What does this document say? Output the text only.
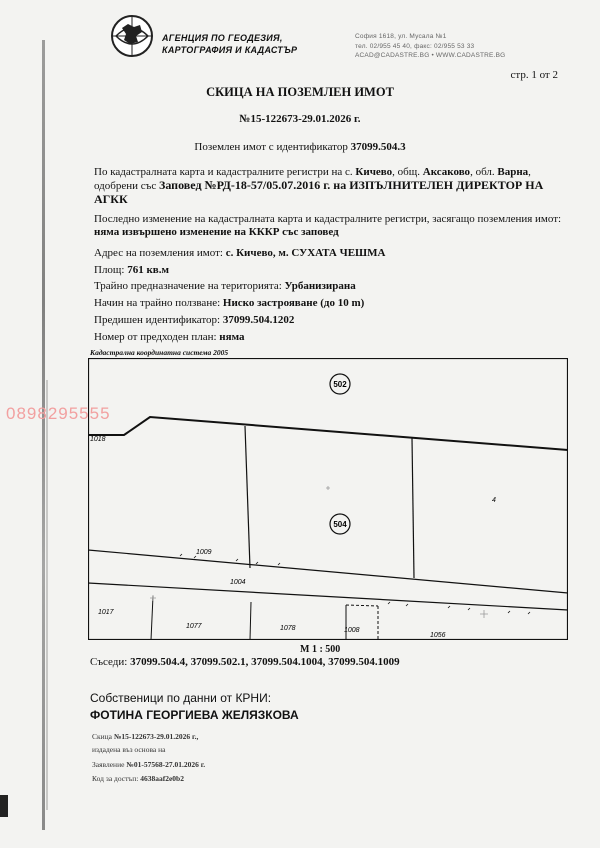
АГЕНЦИЯ ПО ГЕОДЕЗИЯ,
КАРТОГРАФИЯ И КАДАСТЪР
София 1618, ул. Мусала №1
тел. 02/955 45 40, факс: 02/955 53 33
ACAD@CADASTRE.BG • WWW.CADASTRE.BG
стр. 1 от 2
СКИЦА НА ПОЗЕМЛЕН ИМОТ
№15-122673-29.01.2026 г.
Поземлен имот с идентификатор 37099.504.3
По кадастралната карта и кадастралните регистри на с. Кичево, общ. Аксаково, обл. Варна, одобрени със Заповед №РД-18-57/05.07.2016 г. на ИЗПЪЛНИТЕЛЕН ДИРЕКТОР НА АГКК
Последно изменение на кадастралната карта и кадастралните регистри, засягащо поземления имот: няма извършено изменение на КККР със заповед
Адрес на поземления имот: с. Кичево, м. СУХАТА ЧЕШМА
Площ: 761 кв.м
Трайно предназначение на територията: Урбанизирана
Начин на трайно ползване: Ниско застрояване (до 10 m)
Предишен идентификатор: 37099.504.1202
Номер от предходен план: няма
Кадастрална координатна система 2005
502
504
4
1018
1009
1004
1017
1077	1078	1008
1056
0898295555
М 1 : 500
Съседи: 37099.504.4, 37099.502.1, 37099.504.1004, 37099.504.1009
Собственици по данни от КРНИ:
ФОТИНА ГЕОРГИЕВА ЖЕЛЯЗКОВА
Скица №15-122673-29.01.2026 г.,
издадена въз основа на
Заявление №01-57568-27.01.2026 г.
Код за достъп: 4638aaf2e0b2
